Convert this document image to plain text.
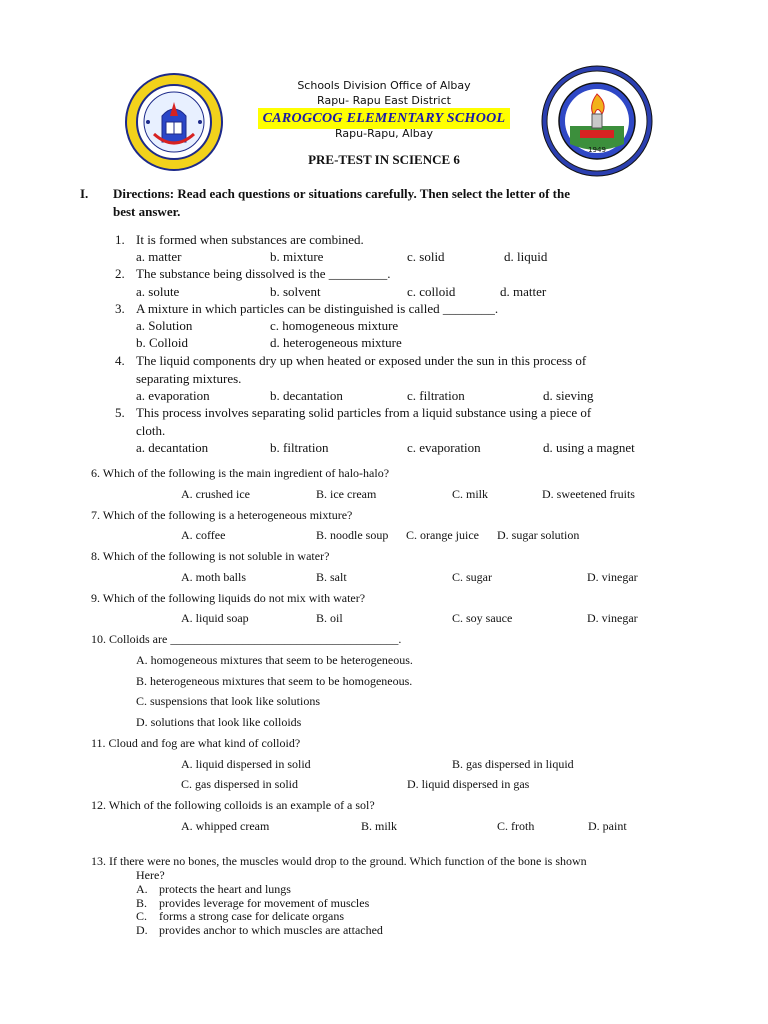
1949
Schools Division Office of Albay
Rapu- Rapu East District
CAROGCOG ELEMENTARY SCHOOL
Rapu-Rapu, Albay
PRE-TEST IN SCIENCE 6
I. Directions: Read each questions or situations carefully. Then select the letter of the
best answer.
1. It is formed when substances are combined.
a. matter	b. mixture	c. solid	d. liquid
2. The substance being dissolved is the _________.
a. solute	b. solvent	c. colloid	d. matter
3. A mixture in which particles can be distinguished is called ________.
a. Solution	c. homogeneous mixture
b. Colloid	d. heterogeneous mixture
4. The liquid components dry up when heated or exposed under the sun in this process of
separating mixtures.
a. evaporation	b. decantation	c. filtration	d. sieving
5. This process involves separating solid particles from a liquid substance using a piece of
cloth.
a. decantation	b. filtration	c. evaporation	d. using a magnet
6. Which of the following is the main ingredient of halo-halo?
A. crushed ice	B. ice cream	C. milk	D. sweetened fruits
7. Which of the following is a heterogeneous mixture?
A. coffee	B. noodle soup C. orange juice D. sugar solution
8. Which of the following is not soluble in water?
A. moth balls	B. salt	C. sugar	D. vinegar
9. Which of the following liquids do not mix with water?
A. liquid soap	B. oil	C. soy sauce	D. vinegar
10. Colloids are ______________________________________.
A. homogeneous mixtures that seem to be heterogeneous.
B. heterogeneous mixtures that seem to be homogeneous.
C. suspensions that look like solutions
D. solutions that look like colloids
11. Cloud and fog are what kind of colloid?
A. liquid dispersed in solid	B. gas dispersed in liquid
C. gas dispersed in solid	D. liquid dispersed in gas
12. Which of the following colloids is an example of a sol?
A. whipped cream	B. milk	C. froth	D. paint
13. If there were no bones, the muscles would drop to the ground. Which function of the bone is shown
Here?
A. protects the heart and lungs
B. provides leverage for movement of muscles
C. forms a strong case for delicate organs
D. provides anchor to which muscles are attached
